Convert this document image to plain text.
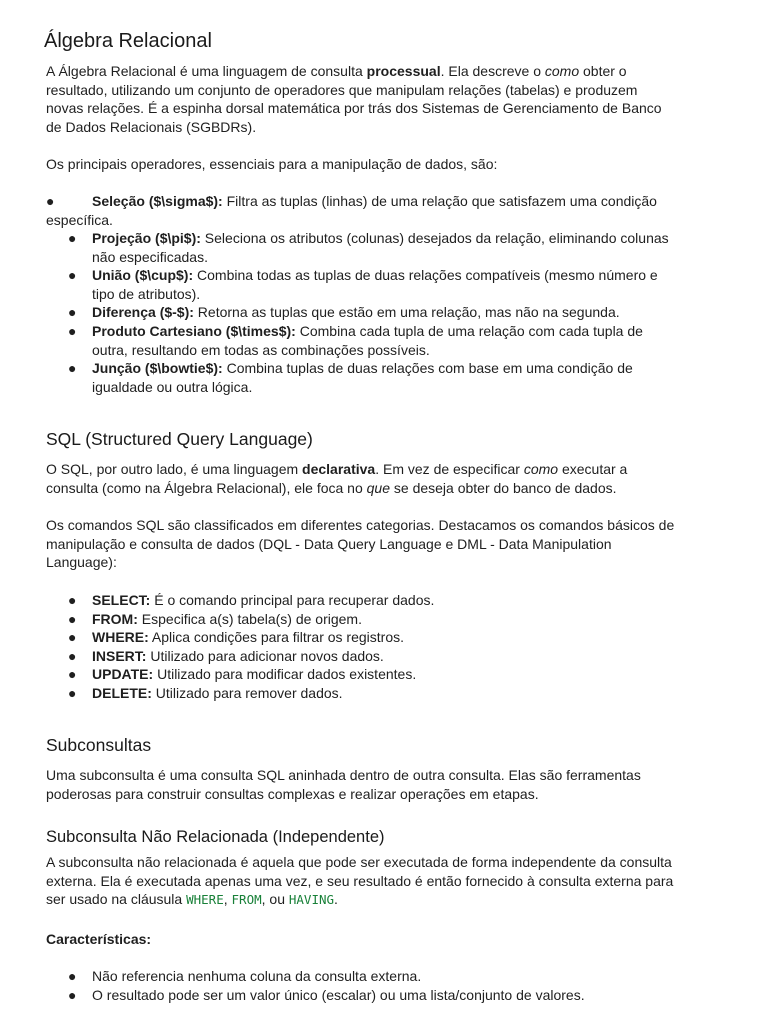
Álgebra Relacional

A Álgebra Relacional é uma linguagem de consulta processual. Ela descreve o como obter o resultado, utilizando um conjunto de operadores que manipulam relações (tabelas) e produzem novas relações. É a espinha dorsal matemática por trás dos Sistemas de Gerenciamento de Banco de Dados Relacionais (SGBDRs).

Os principais operadores, essenciais para a manipulação de dados, são:

●	Seleção ($\sigma$): Filtra as tuplas (linhas) de uma relação que satisfazem uma condição específica.

● Projeção ($\pi$): Seleciona os atributos (colunas) desejados da relação, eliminando colunas não especificadas.
● União ($\cup$): Combina todas as tuplas de duas relações compatíveis (mesmo número e tipo de atributos).
● Diferença ($-$): Retorna as tuplas que estão em uma relação, mas não na segunda.
● Produto Cartesiano ($\times$): Combina cada tupla de uma relação com cada tupla de outra, resultando em todas as combinações possíveis.
● Junção ($\bowtie$): Combina tuplas de duas relações com base em uma condição de igualdade ou outra lógica.
SQL (Structured Query Language)

O SQL, por outro lado, é uma linguagem declarativa. Em vez de especificar como executar a consulta (como na Álgebra Relacional), ele foca no que se deseja obter do banco de dados.

Os comandos SQL são classificados em diferentes categorias. Destacamos os comandos básicos de manipulação e consulta de dados (DQL - Data Query Language e DML - Data Manipulation Language):

● SELECT: É o comando principal para recuperar dados.
● FROM: Especifica a(s) tabela(s) de origem.
● WHERE: Aplica condições para filtrar os registros.
● INSERT: Utilizado para adicionar novos dados.
● UPDATE: Utilizado para modificar dados existentes.
● DELETE: Utilizado para remover dados.
Subconsultas

Uma subconsulta é uma consulta SQL aninhada dentro de outra consulta. Elas são ferramentas poderosas para construir consultas complexas e realizar operações em etapas.

Subconsulta Não Relacionada (Independente)

A subconsulta não relacionada é aquela que pode ser executada de forma independente da consulta externa. Ela é executada apenas uma vez, e seu resultado é então fornecido à consulta externa para ser usado na cláusula WHERE, FROM, ou HAVING.

Características:

● Não referencia nenhuma coluna da consulta externa.
● O resultado pode ser um valor único (escalar) ou uma lista/conjunto de valores.
